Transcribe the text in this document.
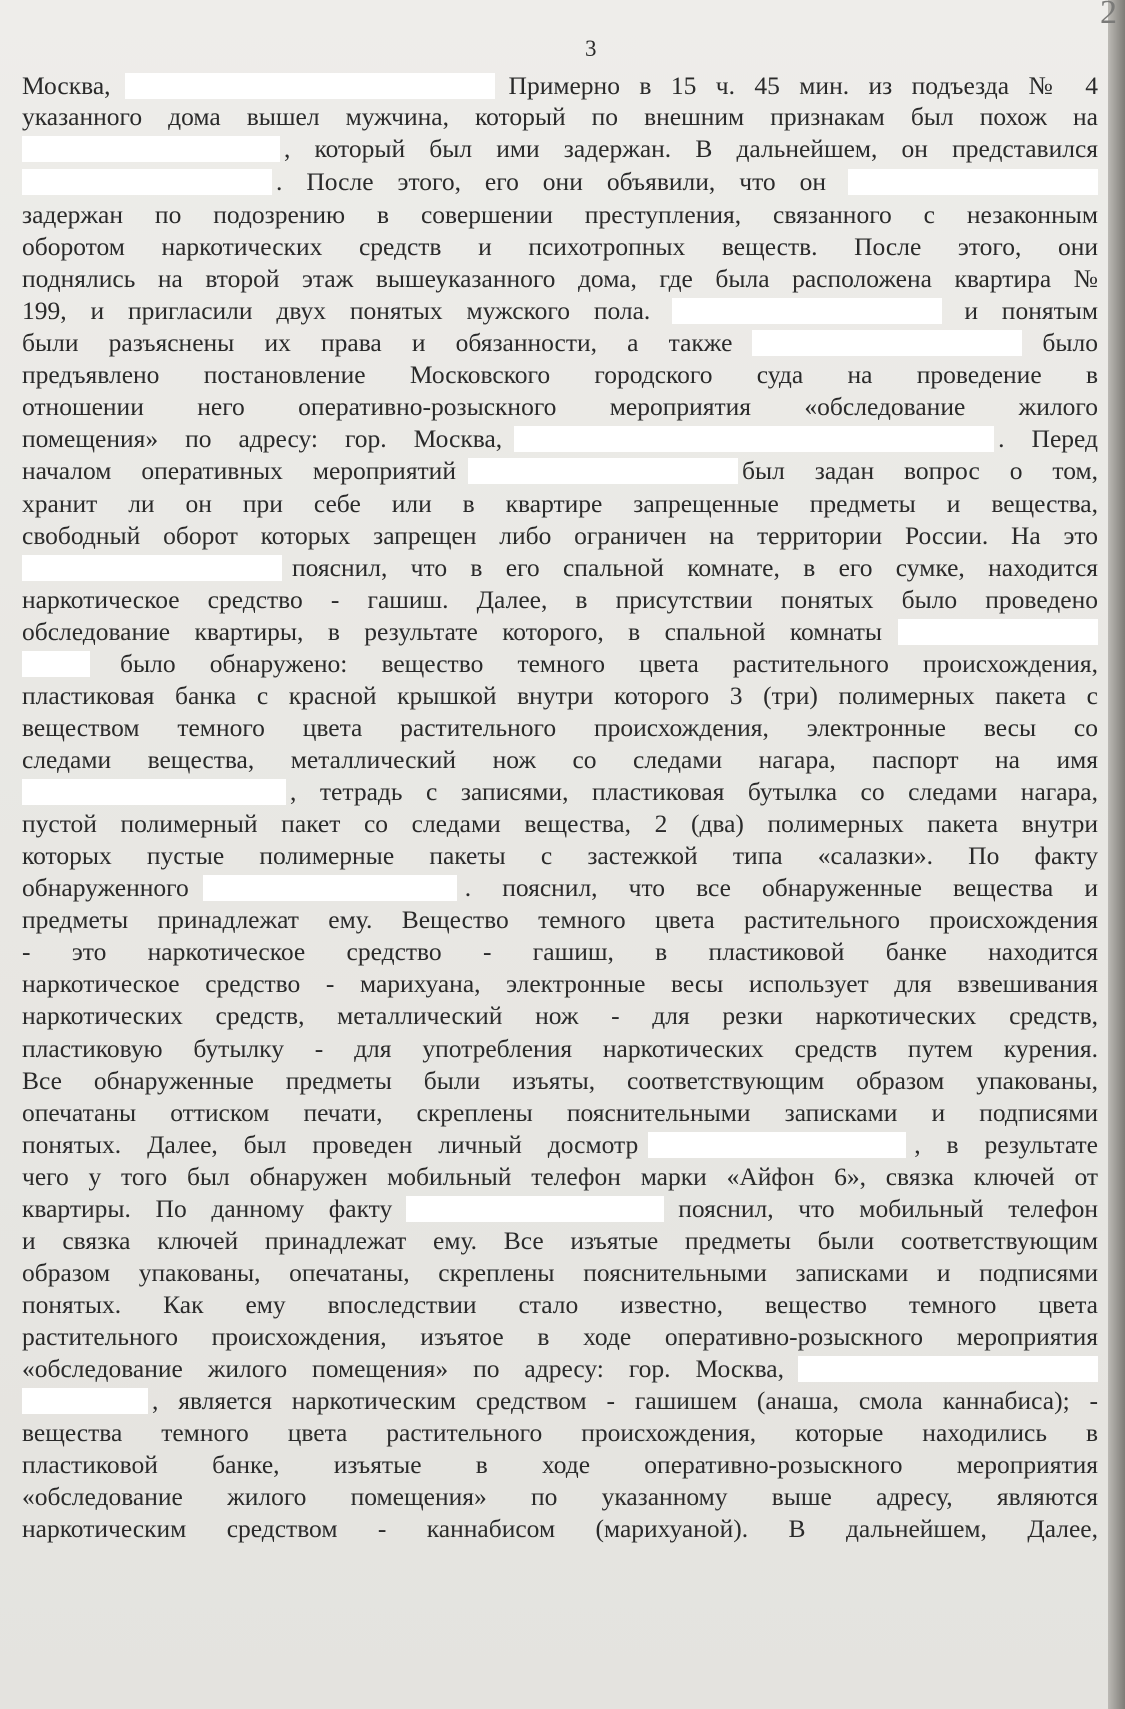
3
Москва,	Примерно в 15 ч. 45 мин. из подъезда № 4
указанного дома вышел мужчина, который по внешним признакам был похож на
, который был ими задержан. В дальнейшем, он представился
. После этого, его они объявили, что он
задержан по подозрению в совершении преступления, связанного с незаконным
оборотом наркотических средств и психотропных веществ. После этого, они
поднялись на второй этаж вышеуказанного дома, где была расположена квартира №
199, и пригласили двух понятых мужского пола.	и понятым
были разъяснены их права и обязанности, а также	было
предъявлено постановление Московского городского суда на проведение в
отношении него оперативно-розыскного мероприятия «обследование жилого
помещения» по адресу: гор. Москва,	. Перед
началом оперативных мероприятий	был задан вопрос о том,
хранит ли он при себе или в квартире запрещенные предметы и вещества,
свободный оборот которых запрещен либо ограничен на территории России. На это
пояснил, что в его спальной комнате, в его сумке, находится
наркотическое средство - гашиш. Далее, в присутствии понятых было проведено
обследование квартиры, в результате которого, в спальной комнаты
было обнаружено: вещество темного цвета растительного происхождения,
пластиковая банка с красной крышкой внутри которого 3 (три) полимерных пакета с
веществом темного цвета растительного происхождения, электронные весы со
следами вещества, металлический нож со следами нагара, паспорт на имя
, тетрадь с записями, пластиковая бутылка со следами нагара,
пустой полимерный пакет со следами вещества, 2 (два) полимерных пакета внутри
которых пустые полимерные пакеты с застежкой типа «салазки». По факту
обнаруженного	. пояснил, что все обнаруженные вещества и
предметы принадлежат ему. Вещество темного цвета растительного происхождения
- это наркотическое средство - гашиш, в пластиковой банке находится
наркотическое средство - марихуана, электронные весы использует для взвешивания
наркотических средств, металлический нож - для резки наркотических средств,
пластиковую бутылку - для употребления наркотических средств путем курения.
Все обнаруженные предметы были изъяты, соответствующим образом упакованы,
опечатаны оттиском печати, скреплены пояснительными записками и подписями
понятых. Далее, был проведен личный досмотр	, в результате
чего у того был обнаружен мобильный телефон марки «Айфон 6», связка ключей от
квартиры. По данному факту	пояснил, что мобильный телефон
и связка ключей принадлежат ему. Все изъятые предметы были соответствующим
образом упакованы, опечатаны, скреплены пояснительными записками и подписями
понятых. Как ему впоследствии стало известно, вещество темного цвета
растительного происхождения, изъятое в ходе оперативно-розыскного мероприятия
«обследование жилого помещения» по адресу: гор. Москва,
, является наркотическим средством - гашишем (анаша, смола каннабиса); -
вещества темного цвета растительного происхождения, которые находились в
пластиковой банке, изъятые в ходе оперативно-розыскного мероприятия
«обследование жилого помещения» по указанному выше адресу, являются
наркотическим средством - каннабисом (марихуаной). В дальнейшем, Далее,
2
